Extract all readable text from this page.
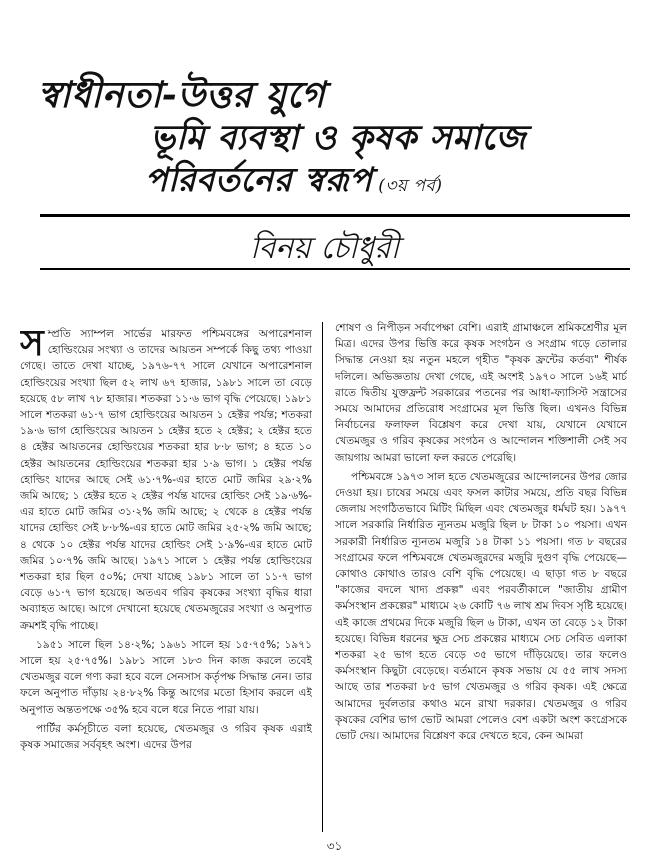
স্বাধীনতা-উত্তর যুগে
ভূমি ব্যবস্থা ও কৃষক সমাজে
পরিবর্তনের স্বরূপ (৩য় পর্ব)
বিনয় চৌধুরী

সম্প্রতি স্যাম্পল সার্ভের মারফত পশ্চিমবঙ্গের অপারেশনাল হোল্ডিংয়ের সংখ্যা ও তাদের আয়তন সম্পর্কে কিছু তথ্য পাওয়া গেছে। তাতে দেখা যাচ্ছে, ১৯৭৬-৭৭ সালে যেখানে অপারেশনাল হোল্ডিংয়ের সংখ্যা ছিল ৫২ লাখ ৬৭ হাজার, ১৯৮১ সালে তা বেড়ে হয়েছে ৫৮ লাখ ৭৮ হাজার। শতকরা ১১·৬ ভাগ বৃদ্ধি পেয়েছে। ১৯৮১ সালে শতকরা ৬১·৭ ভাগ হোল্ডিংয়ের আয়তন ১ হেক্টর পর্যন্ত; শতকরা ১৯·৬ ভাগ হোল্ডিংয়ের আয়তন ১ হেক্টর হতে ২ হেক্টর; ২ হেক্টর হতে ৪ হেক্টর আয়তনের হোল্ডিংয়ের শতকরা হার ৮·৮ ভাগ; ৪ হতে ১০ হেক্টর আয়তনের হোল্ডিংয়ের শতকরা হার ১·৯ ভাগ। ১ হেক্টর পর্যন্ত হোল্ডিং যাদের আছে সেই ৬১·৭%-এর হাতে মোট জমির ২৯·২% জমি আছে; ১ হেক্টর হতে ২ হেক্টর পর্যন্ত যাদের হোল্ডিং সেই ১৯·৬%-এর হাতে মোট জমির ৩১·২% জমি আছে; ২ থেকে ৪ হেক্টর পর্যন্ত যাদের হোল্ডিং সেই ৮·৮%-এর হাতে মোট জমির ২৫·২% জমি আছে; ৪ থেকে ১০ হেক্টর পর্যন্ত যাদের হোল্ডিং সেই ১·৯%-এর হাতে মোট জমির ১০·৭% জমি আছে। ১৯৭১ সালে ১ হেক্টর পর্যন্ত হোল্ডিংয়ের শতকরা হার ছিল ৫০%; দেখা যাচ্ছে ১৯৮১ সালে তা ১১·৭ ভাগ বেড়ে ৬১·৭ ভাগ হয়েছে। অতএব গরিব কৃষকের সংখ্যা বৃদ্ধির ধারা অব্যাহত আছে। আগে দেখানো হয়েছে খেতমজুরের সংখ্যা ও অনুপাত ক্রমশই বৃদ্ধি পাচ্ছে।

১৯৫১ সালে ছিল ১৪·২%; ১৯৬১ সালে হয় ১৫·৭৫%; ১৯৭১ সালে হয় ২৫·৭৫%। ১৯৮১ সালে ১৮৩ দিন কাজ করলে তবেই খেতমজুর বলে গণ্য করা হবে বলে সেনসাস কর্তৃপক্ষ সিদ্ধান্ত নেন। তার ফলে অনুপাত দাঁড়ায় ২৪·৮২% কিন্তু আগের মতো হিসাব করলে এই অনুপাত অন্ততপক্ষে ৩৫% হবে বলে ধরে নিতে পারা যায়।

পার্টির কর্মসূচীতে বলা হয়েছে, খেতমজুর ও গরিব কৃষক এরাই কৃষক সমাজের সর্ববৃহৎ অংশ। এদের উপর

শোষণ ও নিপীড়ন সর্বাপেক্ষা বেশি। এরাই গ্রামাঞ্চলে শ্রমিকশ্রেণীর মূল মিত্র। এদের উপর ভিত্তি করে কৃষক সংগঠন ও সংগ্রাম গড়ে তোলার সিদ্ধান্ত নেওয়া হয় নতুন মহলে গৃহীত "কৃষক ফ্রন্টের কর্তব্য" শীর্ষক দলিলে। অভিজ্ঞতায় দেখা গেছে, এই অংশই ১৯৭০ সালে ১৬ই মার্চ রাতে দ্বিতীয় যুক্তফ্রন্ট সরকারের পতনের পর আধা-ফ্যাসিস্ট সন্ত্রাসের সময়ে আমাদের প্রতিরোধ সংগ্রামের মূল ভিত্তি ছিল। এখনও বিভিন্ন নির্বাচনের ফলাফল বিশ্লেষণ করে দেখা যায়, যেখানে যেখানে খেতমজুর ও গরিব কৃষকের সংগঠন ও আন্দোলন শক্তিশালী সেই সব জায়গায় আমরা ভালো ফল করতে পেরেছি।

পশ্চিমবঙ্গে ১৯৭৩ সাল হতে খেতমজুরের আন্দোলনের উপর জোর দেওয়া হয়। চাষের সময়ে এবং ফসল কাটার সময়ে, প্রতি বছর বিভিন্ন জেলায় সংগঠিতভাবে মিটিং মিছিল এবং খেতমজুর ধর্মঘট হয়। ১৯৭৭ সালে সরকারি নির্ধারিত ন্যূনতম মজুরি ছিল ৮ টাকা ১০ পয়সা। এখন সরকারী নির্ধারিত ন্যূনতম মজুরি ১৪ টাকা ১১ পয়সা। গত ৮ বছরের সংগ্রামের ফলে পশ্চিমবঙ্গে খেতমজুরদের মজুরি দুগুণ বৃদ্ধি পেয়েছে—কোথাও কোথাও তারও বেশি বৃদ্ধি পেয়েছে। এ ছাড়া গত ৮ বছরে "কাজের বদলে খাদ্য প্রকল্প" এবং পরবর্তীকালে "জাতীয় গ্রামীণ কর্মসংস্থান প্রকল্পের" মাধ্যমে ২৬ কোটি ৭৬ লাখ শ্রম দিবস সৃষ্টি হয়েছে। এই কাজে প্রথমের দিকে মজুরি ছিল ৬ টাকা, এখন তা বেড়ে ১২ টাকা হয়েছে। বিভিন্ন ধরনের ক্ষুদ্র সেচ প্রকল্পের মাধ্যমে সেচ সেবিত এলাকা শতকরা ২৫ ভাগ হতে বেড়ে ৩৫ ভাগে দাঁড়িয়েছে। তার ফলেও কর্মসংস্থান কিছুটা বেড়েছে। বর্তমানে কৃষক সভায় যে ৫৫ লাখ সদস্য আছে তার শতকরা ৮৫ ভাগ খেতমজুর ও গরিব কৃষক। এই ক্ষেত্রে আমাদের দুর্বলতার কথাও মনে রাখা দরকার। খেতমজুর ও গরিব কৃষকের বেশির ভাগ ভোট আমরা পেলেও বেশ একটা অংশ কংগ্রেসকে ভোট দেয়। আমাদের বিশ্লেষণ করে দেখতে হবে, কেন আমরা

৩১
